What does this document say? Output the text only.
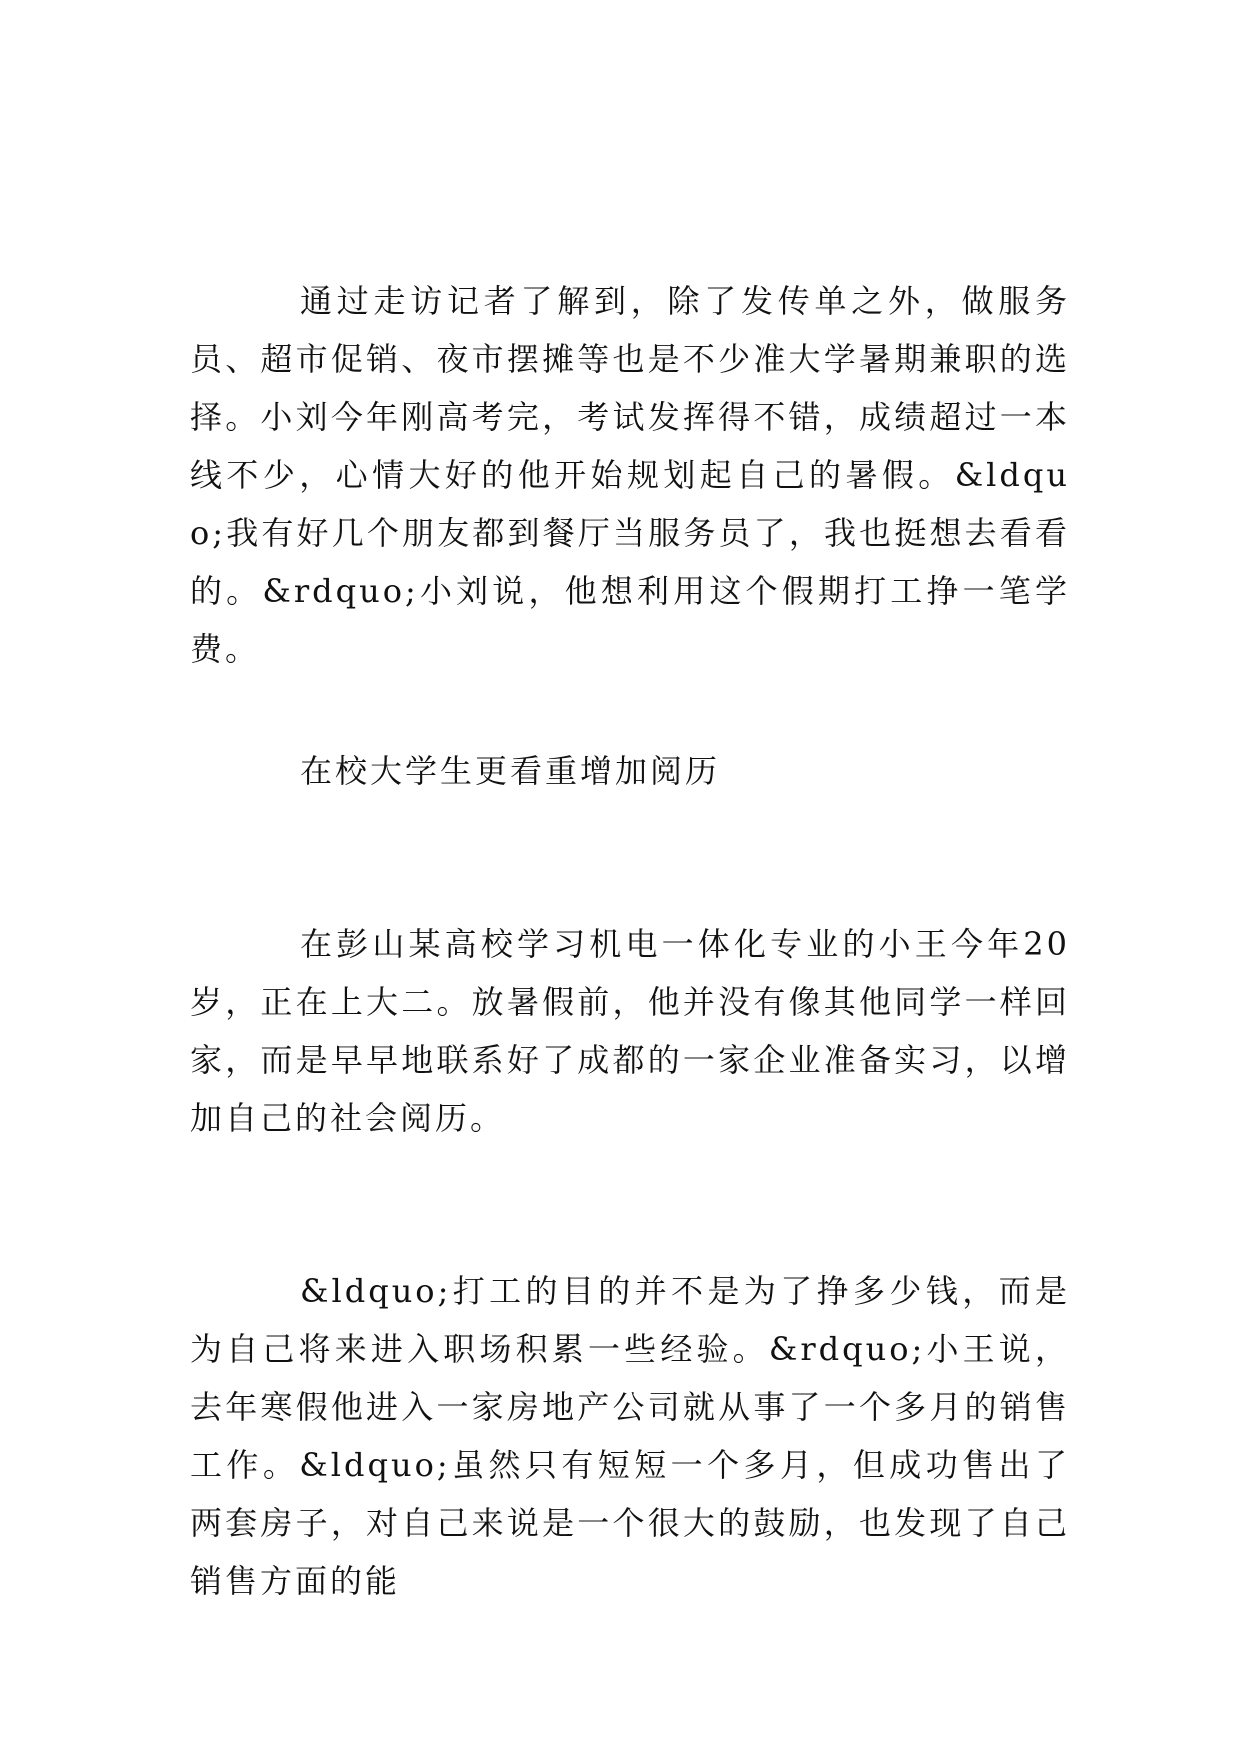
通过走访记者了解到，除了发传单之外，做服务员、超市促销、夜市摆摊等也是不少准大学暑期兼职的选择。小刘今年刚高考完，考试发挥得不错，成绩超过一本线不少，心情大好的他开始规划起自己的暑假。&ldquo;我有好几个朋友都到餐厅当服务员了，我也挺想去看看的。&rdquo;小刘说，他想利用这个假期打工挣一笔学费。

在校大学生更看重增加阅历

在彭山某高校学习机电一体化专业的小王今年20岁，正在上大二。放暑假前，他并没有像其他同学一样回家，而是早早地联系好了成都的一家企业准备实习，以增加自己的社会阅历。

&ldquo;打工的目的并不是为了挣多少钱，而是为自己将来进入职场积累一些经验。&rdquo;小王说，去年寒假他进入一家房地产公司就从事了一个多月的销售工作。&ldquo;虽然只有短短一个多月，但成功售出了两套房子，对自己来说是一个很大的鼓励，也发现了自己销售方面的能
